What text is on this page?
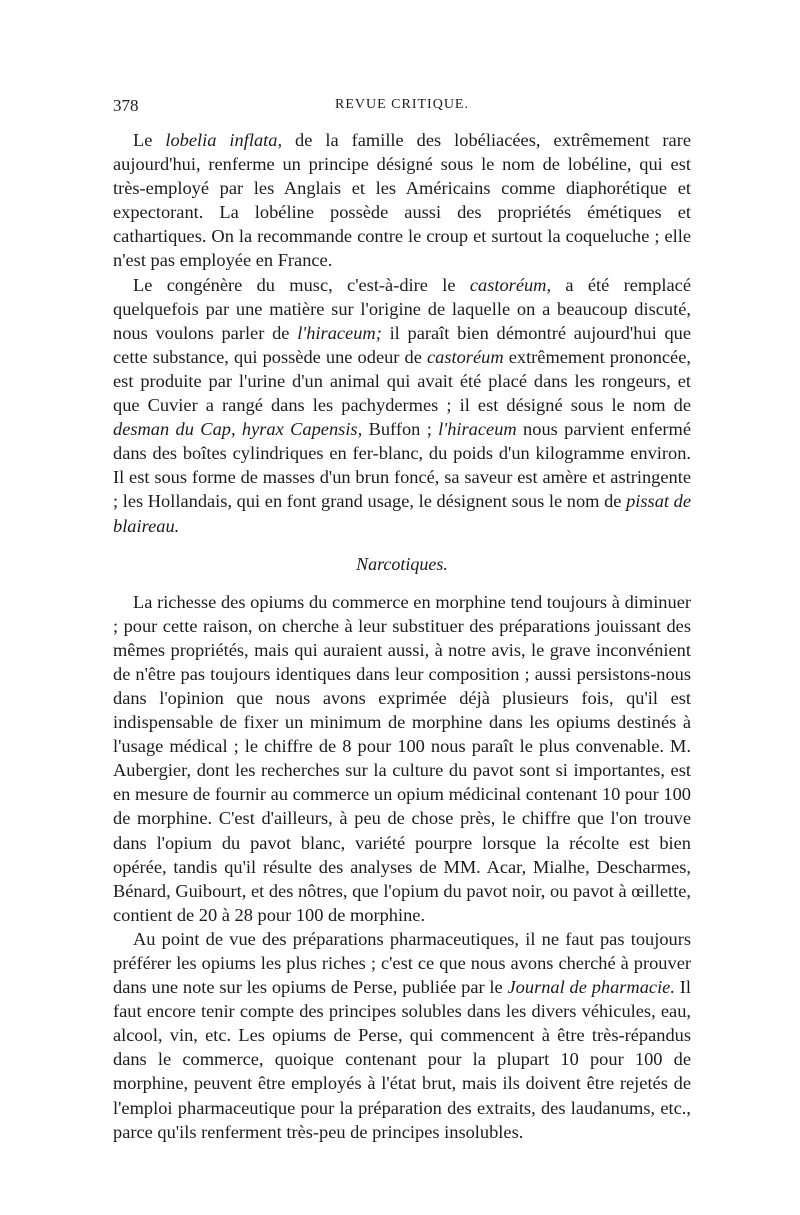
378	REVUE CRITIQUE.

Le lobelia inflata, de la famille des lobéliacées, extrêmement rare aujourd'hui, renferme un principe désigné sous le nom de lobéline, qui est très-employé par les Anglais et les Américains comme diaphorétique et expectorant. La lobéline possède aussi des propriétés émétiques et cathartiques. On la recommande contre le croup et surtout la coqueluche ; elle n'est pas employée en France.

Le congénère du musc, c'est-à-dire le castoréum, a été remplacé quelquefois par une matière sur l'origine de laquelle on a beaucoup discuté, nous voulons parler de l'hiraceum; il paraît bien démontré aujourd'hui que cette substance, qui possède une odeur de castoréum extrêmement prononcée, est produite par l'urine d'un animal qui avait été placé dans les rongeurs, et que Cuvier a rangé dans les pachydermes ; il est désigné sous le nom de desman du Cap, hyrax Capensis, Buffon ; l'hiraceum nous parvient enfermé dans des boîtes cylindriques en fer-blanc, du poids d'un kilogramme environ. Il est sous forme de masses d'un brun foncé, sa saveur est amère et astringente ; les Hollandais, qui en font grand usage, le désignent sous le nom de pissat de blaireau.

Narcotiques.

La richesse des opiums du commerce en morphine tend toujours à diminuer ; pour cette raison, on cherche à leur substituer des préparations jouissant des mêmes propriétés, mais qui auraient aussi, à notre avis, le grave inconvénient de n'être pas toujours identiques dans leur composition ; aussi persistons-nous dans l'opinion que nous avons exprimée déjà plusieurs fois, qu'il est indispensable de fixer un minimum de morphine dans les opiums destinés à l'usage médical ; le chiffre de 8 pour 100 nous paraît le plus convenable. M. Aubergier, dont les recherches sur la culture du pavot sont si importantes, est en mesure de fournir au commerce un opium médicinal contenant 10 pour 100 de morphine. C'est d'ailleurs, à peu de chose près, le chiffre que l'on trouve dans l'opium du pavot blanc, variété pourpre lorsque la récolte est bien opérée, tandis qu'il résulte des analyses de MM. Acar, Mialhe, Descharmes, Bénard, Guibourt, et des nôtres, que l'opium du pavot noir, ou pavot à œillette, contient de 20 à 28 pour 100 de morphine.

Au point de vue des préparations pharmaceutiques, il ne faut pas toujours préférer les opiums les plus riches ; c'est ce que nous avons cherché à prouver dans une note sur les opiums de Perse, publiée par le Journal de pharmacie. Il faut encore tenir compte des principes solubles dans les divers véhicules, eau, alcool, vin, etc. Les opiums de Perse, qui commencent à être très-répandus dans le commerce, quoique contenant pour la plupart 10 pour 100 de morphine, peuvent être employés à l'état brut, mais ils doivent être rejetés de l'emploi pharmaceutique pour la préparation des extraits, des laudanums, etc., parce qu'ils renferment très-peu de principes insolubles.
